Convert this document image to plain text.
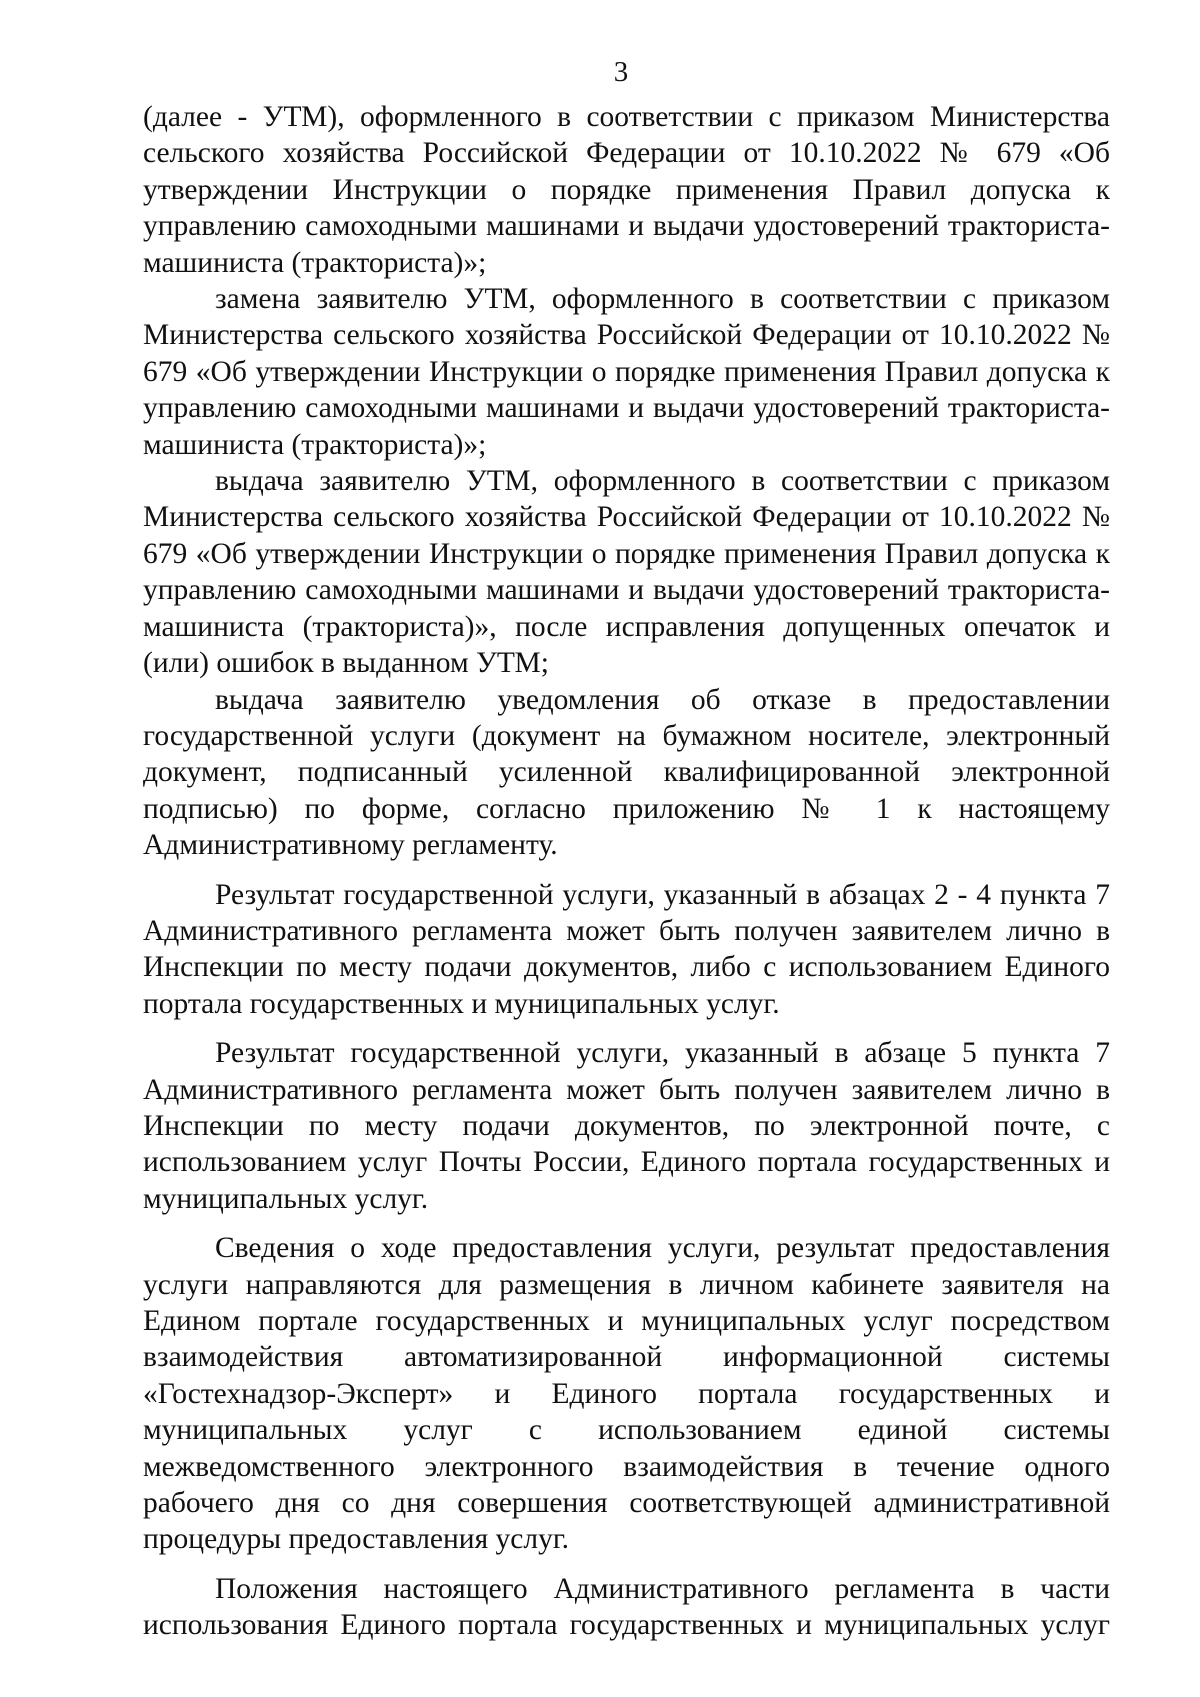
3

(далее - УТМ), оформленного в соответствии с приказом Министерства сельского хозяйства Российской Федерации от 10.10.2022 № 679 «Об утверждении Инструкции о порядке применения Правил допуска к управлению самоходными машинами и выдачи удостоверений тракториста-машиниста (тракториста)»;

замена заявителю УТМ, оформленного в соответствии с приказом Министерства сельского хозяйства Российской Федерации от 10.10.2022 № 679 «Об утверждении Инструкции о порядке применения Правил допуска к управлению самоходными машинами и выдачи удостоверений тракториста-машиниста (тракториста)»;

выдача заявителю УТМ, оформленного в соответствии с приказом Министерства сельского хозяйства Российской Федерации от 10.10.2022 № 679 «Об утверждении Инструкции о порядке применения Правил допуска к управлению самоходными машинами и выдачи удостоверений тракториста-машиниста (тракториста)», после исправления допущенных опечаток и (или) ошибок в выданном УТМ;

выдача заявителю уведомления об отказе в предоставлении государственной услуги (документ на бумажном носителе, электронный документ, подписанный усиленной квалифицированной электронной подписью) по форме, согласно приложению № 1 к настоящему Административному регламенту.

Результат государственной услуги, указанный в абзацах 2 - 4 пункта 7 Административного регламента может быть получен заявителем лично в Инспекции по месту подачи документов, либо с использованием Единого портала государственных и муниципальных услуг.

Результат государственной услуги, указанный в абзаце 5 пункта 7 Административного регламента может быть получен заявителем лично в Инспекции по месту подачи документов, по электронной почте, с использованием услуг Почты России, Единого портала государственных и муниципальных услуг.

Сведения о ходе предоставления услуги, результат предоставления услуги направляются для размещения в личном кабинете заявителя на Едином портале государственных и муниципальных услуг посредством взаимодействия автоматизированной информационной системы «Гостехнадзор-Эксперт» и Единого портала государственных и муниципальных услуг с использованием единой системы межведомственного электронного взаимодействия в течение одного рабочего дня со дня совершения соответствующей административной процедуры предоставления услуг.

Положения настоящего Административного регламента в части использования Единого портала государственных и муниципальных услуг
